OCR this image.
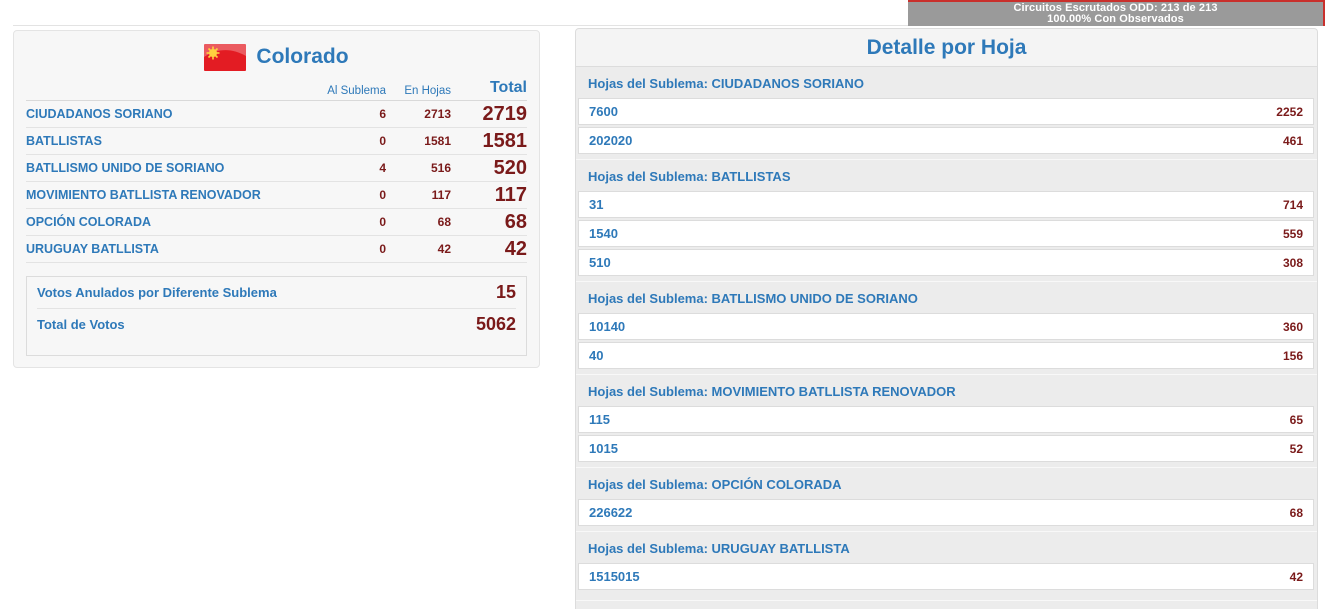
Circuitos Escrutados ODD: 213 de 213
100.00% Con Observados
Colorado
Al Sublema	En Hojas	Total
CIUDADANOS SORIANO	6	2713	2719
BATLLISTAS	0	1581	1581
BATLLISMO UNIDO DE SORIANO	4	516	520
MOVIMIENTO BATLLISTA RENOVADOR	0	117	117
OPCIÓN COLORADA	0	68	68
URUGUAY BATLLISTA	0	42	42
Votos Anulados por Diferente Sublema	15
Total de Votos	5062
Detalle por Hoja
Hojas del Sublema: CIUDADANOS SORIANO
7600	2252
202020	461
Hojas del Sublema: BATLLISTAS
31	714
1540	559
510	308
Hojas del Sublema: BATLLISMO UNIDO DE SORIANO
10140	360
40	156
Hojas del Sublema: MOVIMIENTO BATLLISTA RENOVADOR
115	65
1015	52
Hojas del Sublema: OPCIÓN COLORADA
226622	68
Hojas del Sublema: URUGUAY BATLLISTA
1515015	42
